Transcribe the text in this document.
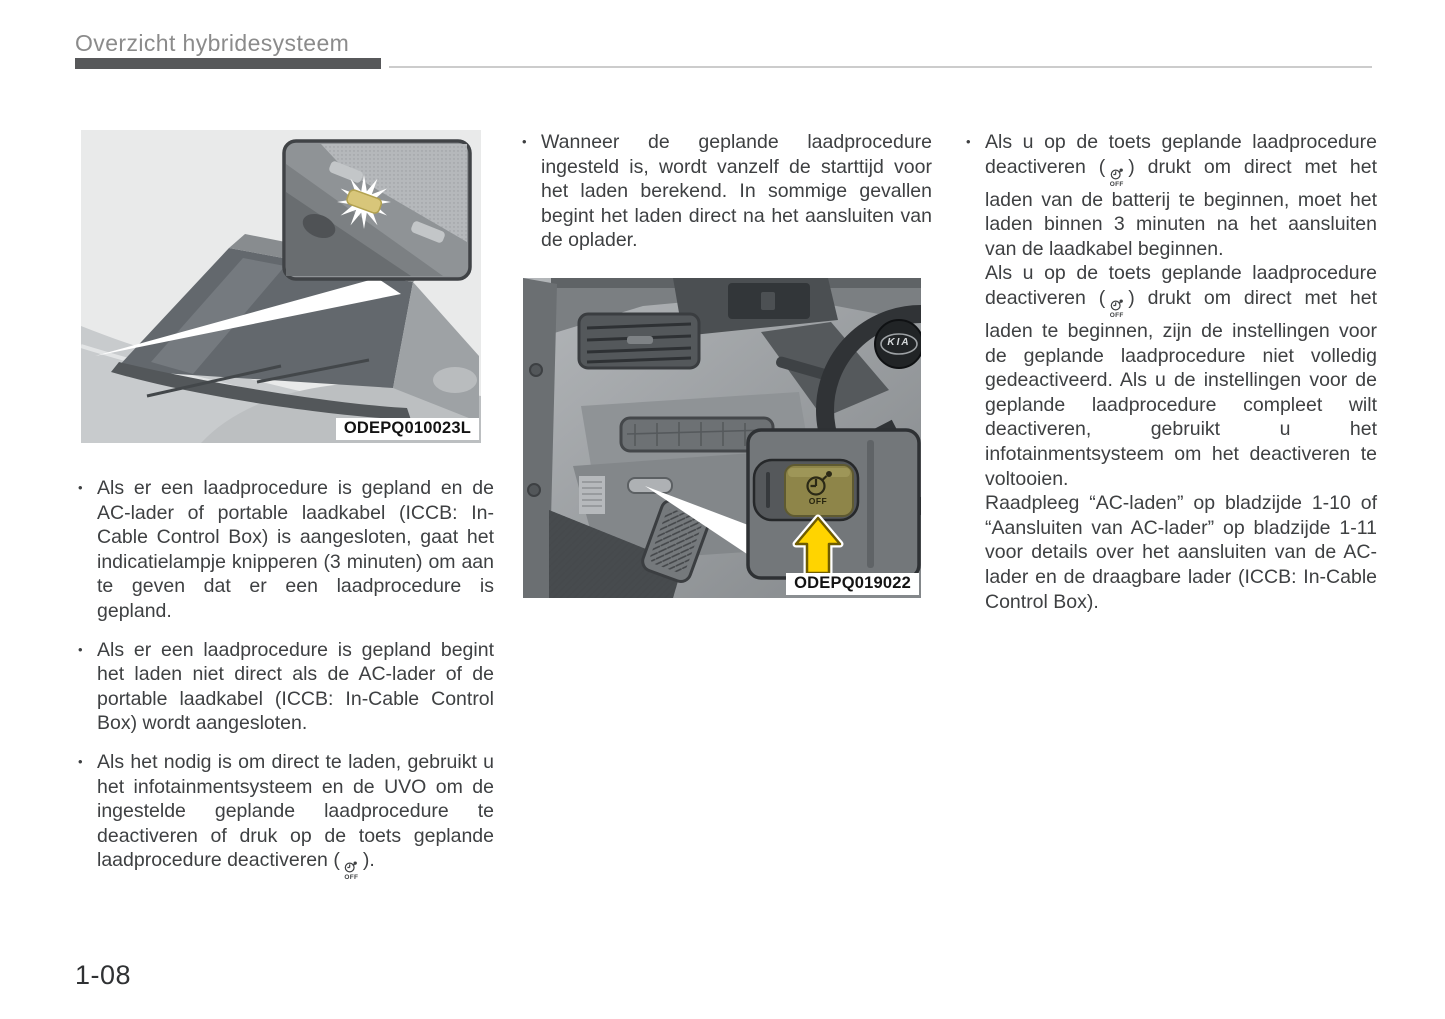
Overzicht hybridesysteem
ODEPQ010023L
• Als er een laadprocedure is gepland en de AC-lader of portable laadkabel (ICCB: In-Cable Control Box) is aangesloten, gaat het indicatielampje knipperen (3 minuten) om aan te geven dat er een laadprocedure is gepland.
• Als er een laadprocedure is gepland begint het laden niet direct als de AC-lader of de portable laadkabel (ICCB: In-Cable Control Box) wordt aangesloten.
• Als het nodig is om direct te laden, gebruikt u het infotainmentsysteem en de UVO om de ingestelde geplande laadprocedure te deactiveren of druk op de toets geplande laadprocedure deactiveren (
OFF
).
• Wanneer de geplande laadprocedure ingesteld is, wordt vanzelf de starttijd voor het laden berekend. In sommige gevallen begint het laden direct na het aansluiten van de oplader.
KIA
OFF
ODEPQ019022

• Als u op de toets geplande laadprocedure deactiveren (
OFF
) drukt om direct met het laden van de batterij te beginnen, moet het laden binnen 3 minuten na het aansluiten van de laadkabel beginnen.

Als u op de toets geplande laadprocedure deactiveren (
OFF
) drukt om direct met het laden te beginnen, zijn de instellingen voor de geplande laadprocedure niet volledig gedeactiveerd. Als u de instellingen voor de geplande laadprocedure compleet wilt deactiveren, gebruikt u het infotainmentsysteem om het deactiveren te voltooien.

Raadpleeg “AC-laden” op bladzijde 1-10 of “Aansluiten van AC-lader” op bladzijde 1-11 voor details over het aansluiten van de AC-lader en de draagbare lader (ICCB: In-Cable Control Box).

1-08
